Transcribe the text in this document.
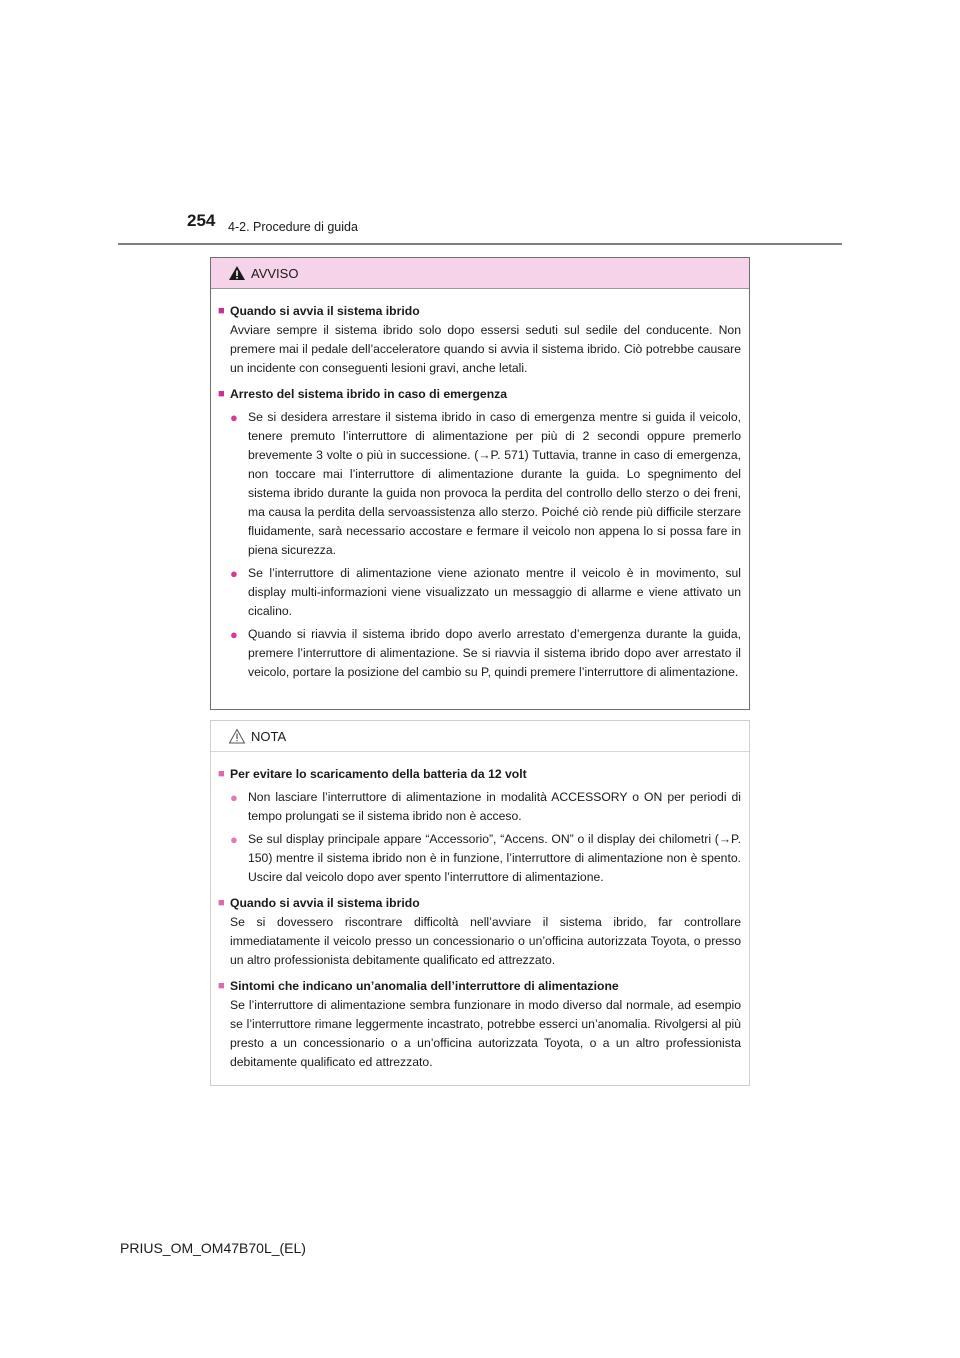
254 4-2. Procedure di guida
AVVISO
■ Quando si avvia il sistema ibrido
Avviare sempre il sistema ibrido solo dopo essersi seduti sul sedile del conducente. Non premere mai il pedale dell’acceleratore quando si avvia il sistema ibrido. Ciò potrebbe causare un incidente con conseguenti lesioni gravi, anche letali.
■ Arresto del sistema ibrido in caso di emergenza
● Se si desidera arrestare il sistema ibrido in caso di emergenza mentre si guida il veicolo, tenere premuto l’interruttore di alimentazione per più di 2 secondi oppure premerlo brevemente 3 volte o più in successione. (→P. 571) Tuttavia, tranne in caso di emergenza, non toccare mai l’interruttore di alimentazione durante la guida. Lo spegnimento del sistema ibrido durante la guida non provoca la perdita del controllo dello sterzo o dei freni, ma causa la perdita della servoassistenza allo sterzo. Poiché ciò rende più difficile sterzare fluidamente, sarà necessario accostare e fermare il veicolo non appena lo si possa fare in piena sicurezza.
● Se l’interruttore di alimentazione viene azionato mentre il veicolo è in movimento, sul display multi-informazioni viene visualizzato un messaggio di allarme e viene attivato un cicalino.
● Quando si riavvia il sistema ibrido dopo averlo arrestato d’emergenza durante la guida, premere l’interruttore di alimentazione. Se si riavvia il sistema ibrido dopo aver arrestato il veicolo, portare la posizione del cambio su P, quindi premere l’interruttore di alimentazione.
NOTA
■ Per evitare lo scaricamento della batteria da 12 volt
● Non lasciare l’interruttore di alimentazione in modalità ACCESSORY o ON per periodi di tempo prolungati se il sistema ibrido non è acceso.
● Se sul display principale appare “Accessorio”, “Accens. ON” o il display dei chilometri (→P. 150) mentre il sistema ibrido non è in funzione, l’interruttore di alimentazione non è spento. Uscire dal veicolo dopo aver spento l’interruttore di alimentazione.
■ Quando si avvia il sistema ibrido
Se si dovessero riscontrare difficoltà nell’avviare il sistema ibrido, far controllare immediatamente il veicolo presso un concessionario o un’officina autorizzata Toyota, o presso un altro professionista debitamente qualificato ed attrezzato.
■ Sintomi che indicano un’anomalia dell’interruttore di alimentazione
Se l’interruttore di alimentazione sembra funzionare in modo diverso dal normale, ad esempio se l’interruttore rimane leggermente incastrato, potrebbe esserci un’anomalia. Rivolgersi al più presto a un concessionario o a un’officina autorizzata Toyota, o a un altro professionista debitamente qualificato ed attrezzato.
PRIUS_OM_OM47B70L_(EL)
